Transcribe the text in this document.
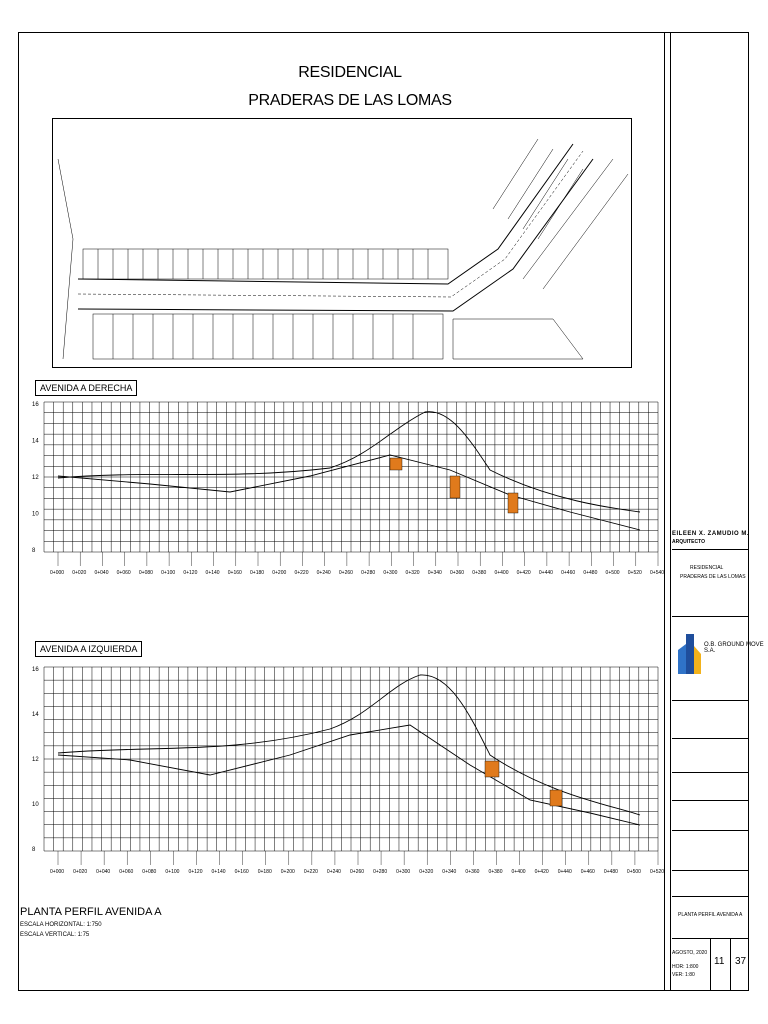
RESIDENCIAL
PRADERAS DE LAS LOMAS
AVENIDA A DERECHA
16
14
12
10
8
0+000 0+020 0+040 0+060 0+080 0+100 0+120 0+140 0+160 0+180 0+200 0+220 0+240 0+260 0+280 0+300 0+320 0+340 0+360 0+380 0+400 0+420 0+440 0+460 0+480 0+500 0+520 0+540
AVENIDA A IZQUIERDA
16
14
12
10
8
0+000 0+020 0+040 0+060 0+080 0+100 0+120 0+140 0+160 0+180 0+200 0+220 0+240 0+260 0+280 0+300 0+320 0+340 0+360 0+380 0+400 0+420 0+440 0+460 0+480 0+500 0+520
PLANTA PERFIL AVENIDA A
ESCALA HORIZONTAL: 1:750
ESCALA VERTICAL: 1:75
EILEEN X. ZAMUDIO M.
ARQUITECTO
RESIDENCIAL
PRADERAS DE LAS LOMAS
O.B. GROUND MOVE S.A.
PLANTA PERFIL AVENIDA A
AGOSTO, 2020
HOR: 1:800
VER: 1:80
11 37
